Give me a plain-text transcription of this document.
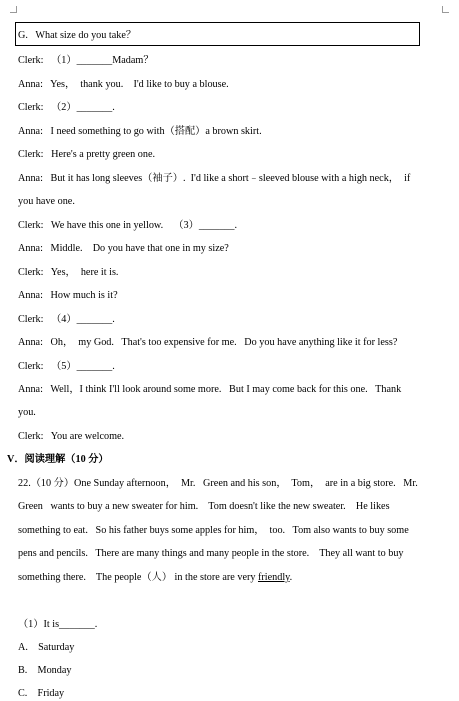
G.   What size do you take？
Clerk:   （1）_______Madam？
Anna:   Yes，  thank you.    I'd like to buy a blouse.
Clerk:   （2）_______.
Anna:   I need something to go with（搭配）a brown skirt.
Clerk:   Here's a pretty green one.
Anna:   But it has long sleeves（袖子）.  I'd like a short﹣sleeved blouse with a high neck，  if
you have one.
Clerk:   We have this one in yellow.    （3）_______.
Anna:   Middle.    Do you have that one in my size?
Clerk:   Yes，  here it is.
Anna:   How much is it?
Clerk:   （4）_______.
Anna:   Oh，  my God.   That's too expensive for me.   Do you have anything like it for less?
Clerk:   （5）_______.
Anna:   Well，I think I'll look around some more.   But I may come back for this one.   Thank
you.
Clerk:   You are welcome.
V．阅读理解（10 分）
22.（10 分）One Sunday afternoon，  Mr.   Green and his son，  Tom，  are in a big store.   Mr.
Green   wants to buy a new sweater for him.    Tom doesn't like the new sweater.    He likes
something to eat.   So his father buys some apples for him，  too.   Tom also wants to buy some
pens and pencils.   There are many things and many people in the store.    They all want to buy
something there.    The people（人） in the store are very friendly.
（1）It is_______.
A.    Saturday
B.    Monday
C.    Friday
